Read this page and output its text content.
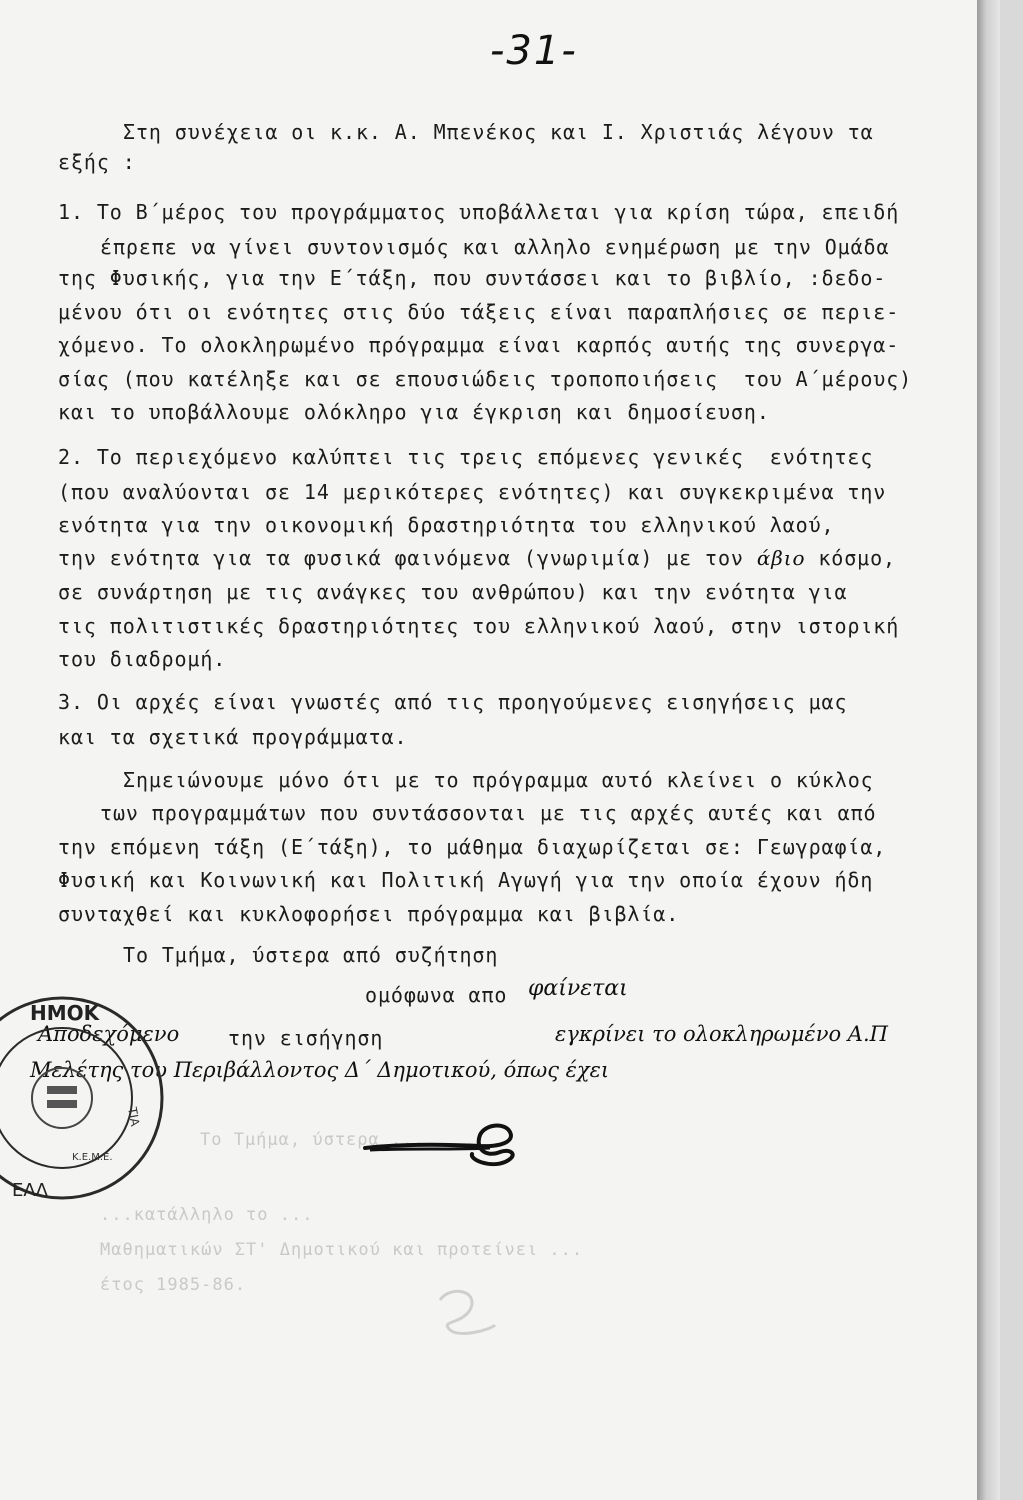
-31-
Στη συνέχεια οι κ.κ. Α. Μπενέκος και Ι. Χριστιάς λέγουν τα
εξής :
1. Το Β΄μέρος του προγράμματος υποβάλλεται για κρίση τώρα, επειδή
έπρεπε να γίνει συντονισμός και αλληλο ενημέρωση με την Ομάδα
της Φυσικής, για την Ε΄τάξη, που συντάσσει και το βιβλίο, :δεδο-
μένου ότι οι ενότητες στις δύο τάξεις είναι παραπλήσιες σε περιε-
χόμενο. Το ολοκληρωμένο πρόγραμμα είναι καρπός αυτής της συνεργα-
σίας (που κατέληξε και σε επουσιώδεις τροποποιήσεις  του Α΄μέρους)
και το υποβάλλουμε ολόκληρο για έγκριση και δημοσίευση.
2. Το περιεχόμενο καλύπτει τις τρεις επόμενες γενικές  ενότητες
(που αναλύονται σε 14 μερικότερες ενότητες) και συγκεκριμένα την
ενότητα για την οικονομική δραστηριότητα του ελληνικού λαού,
την ενότητα για τα φυσικά φαινόμενα (γνωριμία) με τον άβιο κόσμο,
σε συνάρτηση με τις ανάγκες του ανθρώπου) και την ενότητα για
τις πολιτιστικές δραστηριότητες του ελληνικού λαού, στην ιστορική
του διαδρομή.
3. Οι αρχές είναι γνωστές από τις προηγούμενες εισηγήσεις μας
και τα σχετικά προγράμματα.
Σημειώνουμε μόνο ότι με το πρόγραμμα αυτό κλείνει ο κύκλος
των προγραμμάτων που συντάσσονται με τις αρχές αυτές και από
την επόμενη τάξη (Ε΄τάξη), το μάθημα διαχωρίζεται σε: Γεωγραφία,
Φυσική και Κοινωνική και Πολιτική Αγωγή για την οποία έχουν ήδη
συνταχθεί και κυκλοφορήσει πρόγραμμα και βιβλία.
Το Τμήμα, ύστερα από συζήτηση
ομόφωνα απο φαίνεται
Αποδεχόμενο την εισήγηση	εγκρίνει το ολοκληρωμένο Α.Π
Μελέτης του Περιβάλλοντος Δ΄ Δημοτικού, όπως έχει
Το Τμήμα, ύστερα ...
...κατάλληλο το ...
Μαθηματικών ΣΤ' Δημοτικού και προτείνει ...
έτος 1985-86.
ΗΜΟΚ
ΤΙΑ
Κ.Ε.Μ.Ε.
ΕΛΛ
